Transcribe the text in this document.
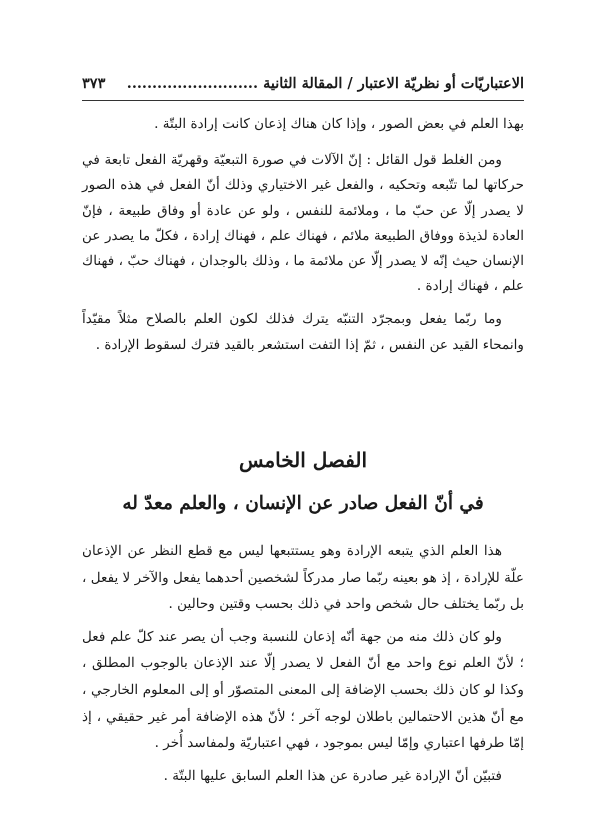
الاعتباريّات أو نظريّة الاعتبار / المقالة الثانية ..........................
٣٧٣

بهذا العلم في بعض الصور ، وإذا كان هناك إذعان كانت إرادة البتّة .

ومن الغلط قول القائل : إنّ الآلات في صورة التبعيّة وقهريّة الفعل تابعة في حركاتها لما تتّبعه وتحكيه ، والفعل غير الاختياري وذلك أنّ الفعل في هذه الصور لا يصدر إلّا عن حبّ ما ، وملائمة للنفس ، ولو عن عادة أو وفاق طبيعة ، فإنّ العادة لذيذة ووفاق الطبيعة ملائم ، فهناك علم ، فهناك إرادة ، فكلّ ما يصدر عن الإنسان حيث إنّه لا يصدر إلّا عن ملائمة ما ، وذلك بالوجدان ، فهناك حبّ ، فهناك علم ، فهناك إرادة .

وما ربّما يفعل وبمجرّد التنبّه يترك فذلك لكون العلم بالصلاح مثلاً مقيّداً وانمحاء القيد عن النفس ، ثمّ إذا التفت استشعر بالقيد فترك لسقوط الإرادة .

الفصل الخامس
في أنّ الفعل صادر عن الإنسان ، والعلم معدّ له

هذا العلم الذي يتبعه الإرادة وهو يستتبعها ليس مع قطع النظر عن الإذعان علّة للإرادة ، إذ هو بعينه ربّما صار مدركاً لشخصين أحدهما يفعل والآخر لا يفعل ، بل ربّما يختلف حال شخص واحد في ذلك بحسب وقتين وحالين .

ولو كان ذلك منه من جهة أنّه إذعان للنسبة وجب أن يصر عند كلّ علم فعل ؛ لأنّ العلم نوع واحد مع أنّ الفعل لا يصدر إلّا عند الإذعان بالوجوب المطلق ، وكذا لو كان ذلك بحسب الإضافة إلى المعنى المتصوّر أو إلى المعلوم الخارجي ، مع أنّ هذين الاحتمالين باطلان لوجه آخر ؛ لأنّ هذه الإضافة أمر غير حقيقي ، إذ إمّا طرفها اعتباري وإمّا ليس بموجود ، فهي اعتباريّة ولمفاسد أُخر .

فتبيّن أنّ الإرادة غير صادرة عن هذا العلم السابق عليها البتّة .
